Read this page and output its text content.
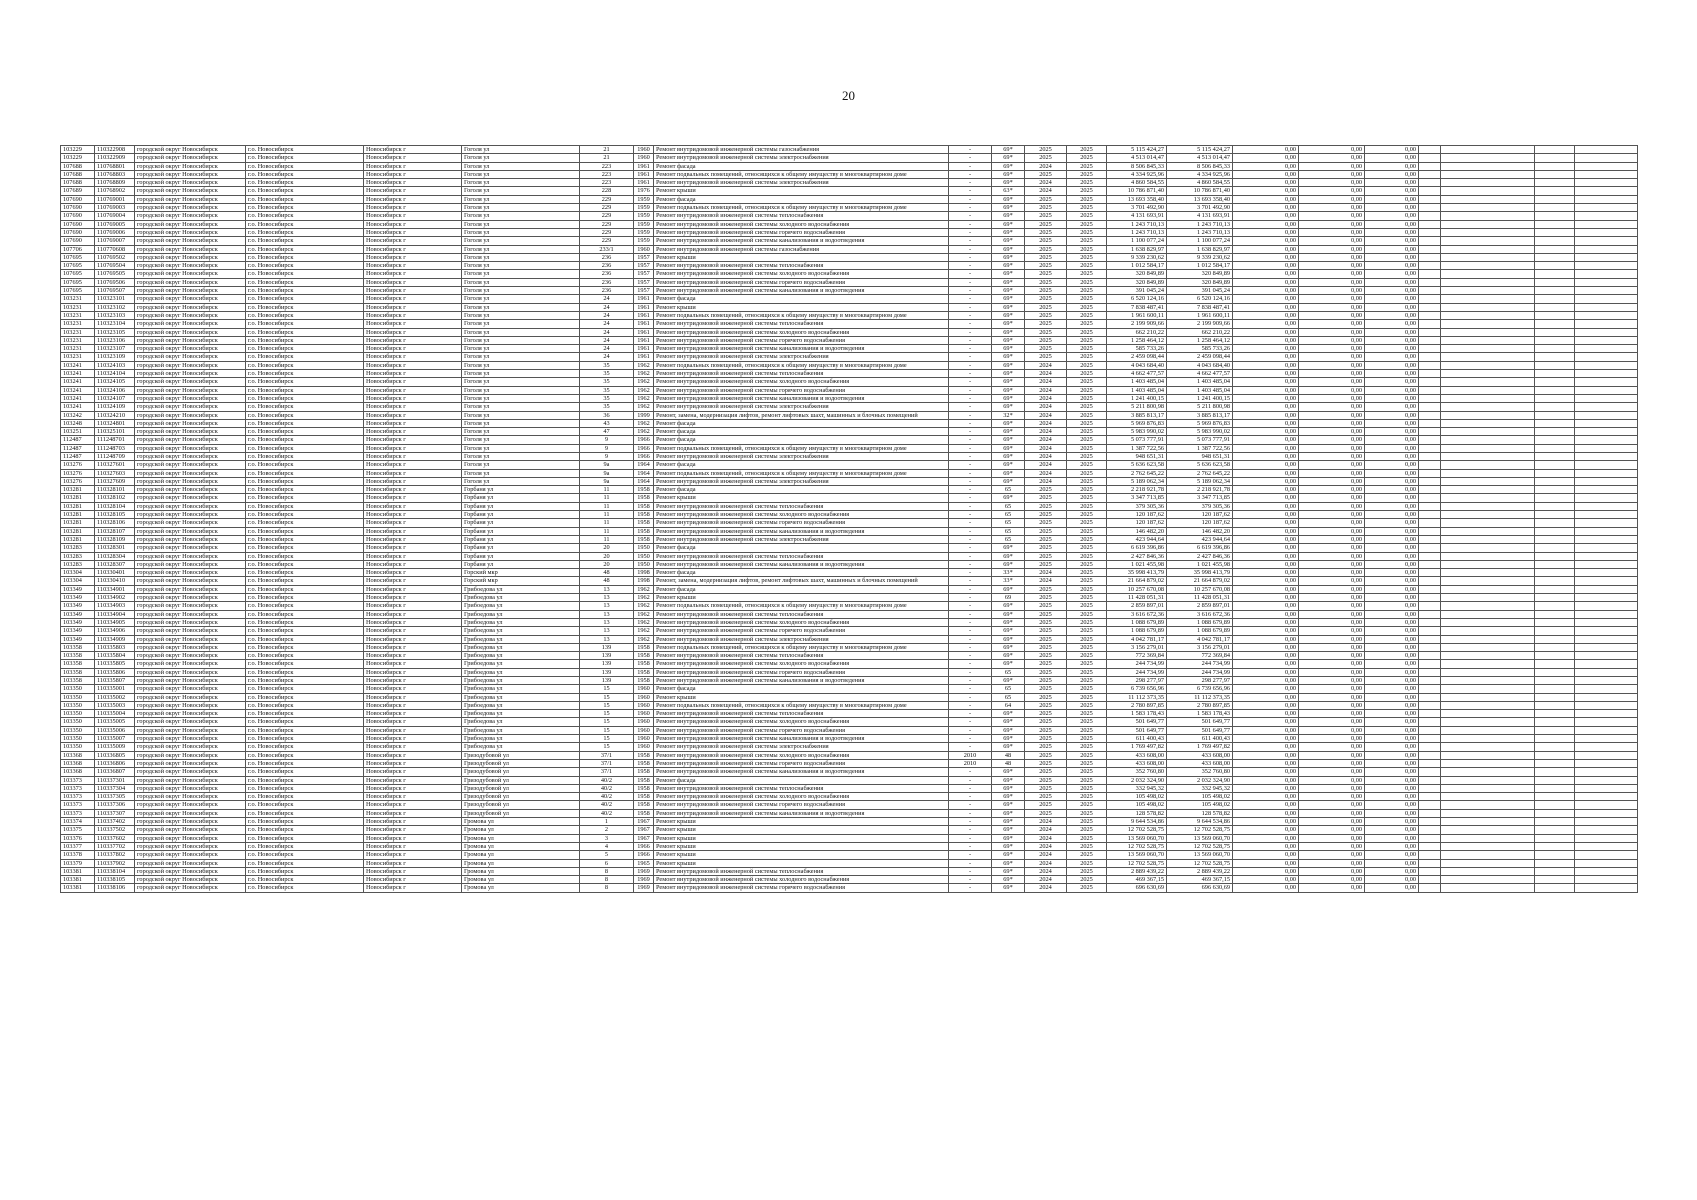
20
103229	110322908	городской округ Новосибирск	г.о. Новосибирск	Новосибирск г	Гоголя ул	21	1960	Ремонт внутридомовой инженерной системы газоснабжения	-	69*	2025	2025	5 115 424,27	5 115 424,27	0,00	0,00	0,00				
103229	110322909	городской округ Новосибирск	г.о. Новосибирск	Новосибирск г	Гоголя ул	21	1960	Ремонт внутридомовой инженерной системы электроснабжения	-	69*	2025	2025	4 513 014,47	4 513 014,47	0,00	0,00	0,00				
107688	110768801	городской округ Новосибирск	г.о. Новосибирск	Новосибирск г	Гоголя ул	223	1961	Ремонт фасада	-	69*	2024	2025	8 506 845,33	8 506 845,33	0,00	0,00	0,00				
107688	110768803	городской округ Новосибирск	г.о. Новосибирск	Новосибирск г	Гоголя ул	223	1961	Ремонт подвальных помещений, относящихся к общему имуществу в многоквартирном доме	-	69*	2025	2025	4 334 925,96	4 334 925,96	0,00	0,00	0,00				
107688	110768809	городской округ Новосибирск	г.о. Новосибирск	Новосибирск г	Гоголя ул	223	1961	Ремонт внутридомовой инженерной системы электроснабжения	-	69*	2024	2025	4 860 584,55	4 860 584,55	0,00	0,00	0,00				
107689	110768902	городской округ Новосибирск	г.о. Новосибирск	Новосибирск г	Гоголя ул	228	1976	Ремонт крыши	-	63*	2024	2025	10 786 871,40	10 786 871,40	0,00	0,00	0,00				
107690	110769001	городской округ Новосибирск	г.о. Новосибирск	Новосибирск г	Гоголя ул	229	1959	Ремонт фасада	-	69*	2025	2025	13 693 358,40	13 693 358,40	0,00	0,00	0,00				
107690	110769003	городской округ Новосибирск	г.о. Новосибирск	Новосибирск г	Гоголя ул	229	1959	Ремонт подвальных помещений, относящихся к общему имуществу в многоквартирном доме	-	69*	2025	2025	3 701 492,90	3 701 492,90	0,00	0,00	0,00				
107690	110769004	городской округ Новосибирск	г.о. Новосибирск	Новосибирск г	Гоголя ул	229	1959	Ремонт внутридомовой инженерной системы теплоснабжения	-	69*	2025	2025	4 131 693,91	4 131 693,91	0,00	0,00	0,00				
107690	110769005	городской округ Новосибирск	г.о. Новосибирск	Новосибирск г	Гоголя ул	229	1959	Ремонт внутридомовой инженерной системы холодного водоснабжения	-	69*	2025	2025	1 243 710,13	1 243 710,13	0,00	0,00	0,00				
107690	110769006	городской округ Новосибирск	г.о. Новосибирск	Новосибирск г	Гоголя ул	229	1959	Ремонт внутридомовой инженерной системы горячего водоснабжения	-	69*	2025	2025	1 243 710,13	1 243 710,13	0,00	0,00	0,00				
107690	110769007	городской округ Новосибирск	г.о. Новосибирск	Новосибирск г	Гоголя ул	229	1959	Ремонт внутридомовой инженерной системы канализования и водоотведения	-	69*	2025	2025	1 100 077,24	1 100 077,24	0,00	0,00	0,00				
107706	110770608	городской округ Новосибирск	г.о. Новосибирск	Новосибирск г	Гоголя ул	233/1	1960	Ремонт внутридомовой инженерной системы газоснабжения	-	69*	2025	2025	1 638 829,97	1 638 829,97	0,00	0,00	0,00				
107695	110769502	городской округ Новосибирск	г.о. Новосибирск	Новосибирск г	Гоголя ул	236	1957	Ремонт крыши	-	69*	2025	2025	9 339 230,62	9 339 230,62	0,00	0,00	0,00				
107695	110769504	городской округ Новосибирск	г.о. Новосибирск	Новосибирск г	Гоголя ул	236	1957	Ремонт внутридомовой инженерной системы теплоснабжения	-	69*	2025	2025	1 012 584,17	1 012 584,17	0,00	0,00	0,00				
107695	110769505	городской округ Новосибирск	г.о. Новосибирск	Новосибирск г	Гоголя ул	236	1957	Ремонт внутридомовой инженерной системы холодного водоснабжения	-	69*	2025	2025	320 849,89	320 849,89	0,00	0,00	0,00				
107695	110769506	городской округ Новосибирск	г.о. Новосибирск	Новосибирск г	Гоголя ул	236	1957	Ремонт внутридомовой инженерной системы горячего водоснабжения	-	69*	2025	2025	320 849,89	320 849,89	0,00	0,00	0,00				
107695	110769507	городской округ Новосибирск	г.о. Новосибирск	Новосибирск г	Гоголя ул	236	1957	Ремонт внутридомовой инженерной системы канализования и водоотведения	-	69*	2025	2025	391 045,24	391 045,24	0,00	0,00	0,00				
103231	110323101	городской округ Новосибирск	г.о. Новосибирск	Новосибирск г	Гоголя ул	24	1961	Ремонт фасада	-	69*	2025	2025	6 520 124,16	6 520 124,16	0,00	0,00	0,00				
103231	110323102	городской округ Новосибирск	г.о. Новосибирск	Новосибирск г	Гоголя ул	24	1961	Ремонт крыши	-	69*	2025	2025	7 838 487,41	7 838 487,41	0,00	0,00	0,00				
103231	110323103	городской округ Новосибирск	г.о. Новосибирск	Новосибирск г	Гоголя ул	24	1961	Ремонт подвальных помещений, относящихся к общему имуществу в многоквартирном доме	-	69*	2025	2025	1 961 600,11	1 961 600,11	0,00	0,00	0,00				
103231	110323104	городской округ Новосибирск	г.о. Новосибирск	Новосибирск г	Гоголя ул	24	1961	Ремонт внутридомовой инженерной системы теплоснабжения	-	69*	2025	2025	2 199 909,66	2 199 909,66	0,00	0,00	0,00				
103231	110323105	городской округ Новосибирск	г.о. Новосибирск	Новосибирск г	Гоголя ул	24	1961	Ремонт внутридомовой инженерной системы холодного водоснабжения	-	69*	2025	2025	662 210,22	662 210,22	0,00	0,00	0,00				
103231	110323106	городской округ Новосибирск	г.о. Новосибирск	Новосибирск г	Гоголя ул	24	1961	Ремонт внутридомовой инженерной системы горячего водоснабжения	-	69*	2025	2025	1 258 464,12	1 258 464,12	0,00	0,00	0,00				
103231	110323107	городской округ Новосибирск	г.о. Новосибирск	Новосибирск г	Гоголя ул	24	1961	Ремонт внутридомовой инженерной системы канализования и водоотведения	-	69*	2025	2025	585 733,26	585 733,26	0,00	0,00	0,00				
103231	110323109	городской округ Новосибирск	г.о. Новосибирск	Новосибирск г	Гоголя ул	24	1961	Ремонт внутридомовой инженерной системы электроснабжения	-	69*	2025	2025	2 459 098,44	2 459 098,44	0,00	0,00	0,00				
103241	110324103	городской округ Новосибирск	г.о. Новосибирск	Новосибирск г	Гоголя ул	35	1962	Ремонт подвальных помещений, относящихся к общему имуществу в многоквартирном доме	-	69*	2024	2025	4 043 684,40	4 043 684,40	0,00	0,00	0,00				
103241	110324104	городской округ Новосибирск	г.о. Новосибирск	Новосибирск г	Гоголя ул	35	1962	Ремонт внутридомовой инженерной системы теплоснабжения	-	69*	2024	2025	4 662 477,57	4 662 477,57	0,00	0,00	0,00				
103241	110324105	городской округ Новосибирск	г.о. Новосибирск	Новосибирск г	Гоголя ул	35	1962	Ремонт внутридомовой инженерной системы холодного водоснабжения	-	69*	2024	2025	1 403 485,04	1 403 485,04	0,00	0,00	0,00				
103241	110324106	городской округ Новосибирск	г.о. Новосибирск	Новосибирск г	Гоголя ул	35	1962	Ремонт внутридомовой инженерной системы горячего водоснабжения	-	69*	2024	2025	1 403 485,04	1 403 485,04	0,00	0,00	0,00				
103241	110324107	городской округ Новосибирск	г.о. Новосибирск	Новосибирск г	Гоголя ул	35	1962	Ремонт внутридомовой инженерной системы канализования и водоотведения	-	69*	2024	2025	1 241 400,15	1 241 400,15	0,00	0,00	0,00				
103241	110324109	городской округ Новосибирск	г.о. Новосибирск	Новосибирск г	Гоголя ул	35	1962	Ремонт внутридомовой инженерной системы электроснабжения	-	69*	2024	2025	5 211 800,98	5 211 800,98	0,00	0,00	0,00				
103242	110324210	городской округ Новосибирск	г.о. Новосибирск	Новосибирск г	Гоголя ул	36	1999	Ремонт, замена, модернизация лифтов, ремонт лифтовых шахт, машинных и блочных помещений	-	32*	2024	2025	3 885 813,17	3 885 813,17	0,00	0,00	0,00				
103248	110324801	городской округ Новосибирск	г.о. Новосибирск	Новосибирск г	Гоголя ул	43	1962	Ремонт фасада	-	69*	2024	2025	5 969 876,83	5 969 876,83	0,00	0,00	0,00				
103251	110325101	городской округ Новосибирск	г.о. Новосибирск	Новосибирск г	Гоголя ул	47	1962	Ремонт фасада	-	69*	2024	2025	5 983 990,02	5 983 990,02	0,00	0,00	0,00				
112487	111248701	городской округ Новосибирск	г.о. Новосибирск	Новосибирск г	Гоголя ул	9	1966	Ремонт фасада	-	69*	2024	2025	5 073 777,91	5 073 777,91	0,00	0,00	0,00				
112487	111248703	городской округ Новосибирск	г.о. Новосибирск	Новосибирск г	Гоголя ул	9	1966	Ремонт подвальных помещений, относящихся к общему имуществу в многоквартирном доме	-	69*	2024	2025	1 387 722,56	1 387 722,56	0,00	0,00	0,00				
112487	111248709	городской округ Новосибирск	г.о. Новосибирск	Новосибирск г	Гоголя ул	9	1966	Ремонт внутридомовой инженерной системы электроснабжения	-	69*	2024	2025	948 651,31	948 651,31	0,00	0,00	0,00				
103276	110327601	городской округ Новосибирск	г.о. Новосибирск	Новосибирск г	Гоголя ул	9а	1964	Ремонт фасада	-	69*	2024	2025	5 636 623,58	5 636 623,58	0,00	0,00	0,00				
103276	110327603	городской округ Новосибирск	г.о. Новосибирск	Новосибирск г	Гоголя ул	9а	1964	Ремонт подвальных помещений, относящихся к общему имуществу в многоквартирном доме	-	69*	2024	2025	2 762 645,22	2 762 645,22	0,00	0,00	0,00				
103276	110327609	городской округ Новосибирск	г.о. Новосибирск	Новосибирск г	Гоголя ул	9а	1964	Ремонт внутридомовой инженерной системы электроснабжения	-	69*	2024	2025	5 189 062,34	5 189 062,34	0,00	0,00	0,00				
103281	110328101	городской округ Новосибирск	г.о. Новосибирск	Новосибирск г	Горбаня ул	11	1958	Ремонт фасада	-	65	2025	2025	2 218 921,78	2 218 921,78	0,00	0,00	0,00				
103281	110328102	городской округ Новосибирск	г.о. Новосибирск	Новосибирск г	Горбаня ул	11	1958	Ремонт крыши	-	69*	2025	2025	3 347 713,85	3 347 713,85	0,00	0,00	0,00				
103281	110328104	городской округ Новосибирск	г.о. Новосибирск	Новосибирск г	Горбаня ул	11	1958	Ремонт внутридомовой инженерной системы теплоснабжения	-	65	2025	2025	379 305,36	379 305,36	0,00	0,00	0,00				
103281	110328105	городской округ Новосибирск	г.о. Новосибирск	Новосибирск г	Горбаня ул	11	1958	Ремонт внутридомовой инженерной системы холодного водоснабжения	-	65	2025	2025	120 187,62	120 187,62	0,00	0,00	0,00				
103281	110328106	городской округ Новосибирск	г.о. Новосибирск	Новосибирск г	Горбаня ул	11	1958	Ремонт внутридомовой инженерной системы горячего водоснабжения	-	65	2025	2025	120 187,62	120 187,62	0,00	0,00	0,00				
103281	110328107	городской округ Новосибирск	г.о. Новосибирск	Новосибирск г	Горбаня ул	11	1958	Ремонт внутридомовой инженерной системы канализования и водоотведения	-	65	2025	2025	146 482,20	146 482,20	0,00	0,00	0,00				
103281	110328109	городской округ Новосибирск	г.о. Новосибирск	Новосибирск г	Горбаня ул	11	1958	Ремонт внутридомовой инженерной системы электроснабжения	-	65	2025	2025	423 944,64	423 944,64	0,00	0,00	0,00				
103283	110328301	городской округ Новосибирск	г.о. Новосибирск	Новосибирск г	Горбаня ул	20	1950	Ремонт фасада	-	69*	2025	2025	6 619 396,86	6 619 396,86	0,00	0,00	0,00				
103283	110328304	городской округ Новосибирск	г.о. Новосибирск	Новосибирск г	Горбаня ул	20	1950	Ремонт внутридомовой инженерной системы теплоснабжения	-	69*	2025	2025	2 427 846,36	2 427 846,36	0,00	0,00	0,00				
103283	110328307	городской округ Новосибирск	г.о. Новосибирск	Новосибирск г	Горбаня ул	20	1950	Ремонт внутридомовой инженерной системы канализования и водоотведения	-	69*	2025	2025	1 021 455,98	1 021 455,98	0,00	0,00	0,00				
103304	110330401	городской округ Новосибирск	г.о. Новосибирск	Новосибирск г	Горский мкр	48	1998	Ремонт фасада	-	33*	2024	2025	35 998 413,79	35 998 413,79	0,00	0,00	0,00				
103304	110330410	городской округ Новосибирск	г.о. Новосибирск	Новосибирск г	Горский мкр	48	1998	Ремонт, замена, модернизация лифтов, ремонт лифтовых шахт, машинных и блочных помещений	-	33*	2024	2025	21 664 879,02	21 664 879,02	0,00	0,00	0,00				
103349	110334901	городской округ Новосибирск	г.о. Новосибирск	Новосибирск г	Грибоедова ул	13	1962	Ремонт фасада	-	69*	2025	2025	10 257 670,08	10 257 670,08	0,00	0,00	0,00				
103349	110334902	городской округ Новосибирск	г.о. Новосибирск	Новосибирск г	Грибоедова ул	13	1962	Ремонт крыши	-	69	2025	2025	11 428 051,31	11 428 051,31	0,00	0,00	0,00				
103349	110334903	городской округ Новосибирск	г.о. Новосибирск	Новосибирск г	Грибоедова ул	13	1962	Ремонт подвальных помещений, относящихся к общему имуществу в многоквартирном доме	-	69*	2025	2025	2 859 897,01	2 859 897,01	0,00	0,00	0,00				
103349	110334904	городской округ Новосибирск	г.о. Новосибирск	Новосибирск г	Грибоедова ул	13	1962	Ремонт внутридомовой инженерной системы теплоснабжения	-	69*	2025	2025	3 616 672,36	3 616 672,36	0,00	0,00	0,00				
103349	110334905	городской округ Новосибирск	г.о. Новосибирск	Новосибирск г	Грибоедова ул	13	1962	Ремонт внутридомовой инженерной системы холодного водоснабжения	-	69*	2025	2025	1 088 679,89	1 088 679,89	0,00	0,00	0,00				
103349	110334906	городской округ Новосибирск	г.о. Новосибирск	Новосибирск г	Грибоедова ул	13	1962	Ремонт внутридомовой инженерной системы горячего водоснабжения	-	69*	2025	2025	1 088 679,89	1 088 679,89	0,00	0,00	0,00				
103349	110334909	городской округ Новосибирск	г.о. Новосибирск	Новосибирск г	Грибоедова ул	13	1962	Ремонт внутридомовой инженерной системы электроснабжения	-	69*	2025	2025	4 042 781,17	4 042 781,17	0,00	0,00	0,00				
103358	110335803	городской округ Новосибирск	г.о. Новосибирск	Новосибирск г	Грибоедова ул	139	1958	Ремонт подвальных помещений, относящихся к общему имуществу в многоквартирном доме	-	69*	2025	2025	3 156 279,01	3 156 279,01	0,00	0,00	0,00				
103358	110335804	городской округ Новосибирск	г.о. Новосибирск	Новосибирск г	Грибоедова ул	139	1958	Ремонт внутридомовой инженерной системы теплоснабжения	-	69*	2025	2025	772 369,84	772 369,84	0,00	0,00	0,00				
103358	110335805	городской округ Новосибирск	г.о. Новосибирск	Новосибирск г	Грибоедова ул	139	1958	Ремонт внутридомовой инженерной системы холодного водоснабжения	-	69*	2025	2025	244 734,99	244 734,99	0,00	0,00	0,00				
103358	110335806	городской округ Новосибирск	г.о. Новосибирск	Новосибирск г	Грибоедова ул	139	1958	Ремонт внутридомовой инженерной системы горячего водоснабжения	-	65	2025	2025	244 734,99	244 734,99	0,00	0,00	0,00				
103358	110335807	городской округ Новосибирск	г.о. Новосибирск	Новосибирск г	Грибоедова ул	139	1958	Ремонт внутридомовой инженерной системы канализования и водоотведения	-	69*	2025	2025	298 277,97	298 277,97	0,00	0,00	0,00				
103350	110335001	городской округ Новосибирск	г.о. Новосибирск	Новосибирск г	Грибоедова ул	15	1960	Ремонт фасада	-	65	2025	2025	6 739 656,96	6 739 656,96	0,00	0,00	0,00				
103350	110335002	городской округ Новосибирск	г.о. Новосибирск	Новосибирск г	Грибоедова ул	15	1960	Ремонт крыши	-	65	2025	2025	11 112 373,35	11 112 373,35	0,00	0,00	0,00				
103350	110335003	городской округ Новосибирск	г.о. Новосибирск	Новосибирск г	Грибоедова ул	15	1960	Ремонт подвальных помещений, относящихся к общему имуществу в многоквартирном доме	-	64	2025	2025	2 780 897,85	2 780 897,85	0,00	0,00	0,00				
103350	110335004	городской округ Новосибирск	г.о. Новосибирск	Новосибирск г	Грибоедова ул	15	1960	Ремонт внутридомовой инженерной системы теплоснабжения	-	69*	2025	2025	1 583 178,43	1 583 178,43	0,00	0,00	0,00				
103350	110335005	городской округ Новосибирск	г.о. Новосибирск	Новосибирск г	Грибоедова ул	15	1960	Ремонт внутридомовой инженерной системы холодного водоснабжения	-	69*	2025	2025	501 649,77	501 649,77	0,00	0,00	0,00				
103350	110335006	городской округ Новосибирск	г.о. Новосибирск	Новосибирск г	Грибоедова ул	15	1960	Ремонт внутридомовой инженерной системы горячего водоснабжения	-	69*	2025	2025	501 649,77	501 649,77	0,00	0,00	0,00				
103350	110335007	городской округ Новосибирск	г.о. Новосибирск	Новосибирск г	Грибоедова ул	15	1960	Ремонт внутридомовой инженерной системы канализования и водоотведения	-	69*	2025	2025	611 400,43	611 400,43	0,00	0,00	0,00				
103350	110335009	городской округ Новосибирск	г.о. Новосибирск	Новосибирск г	Грибоедова ул	15	1960	Ремонт внутридомовой инженерной системы электроснабжения	-	69*	2025	2025	1 769 497,82	1 769 497,82	0,00	0,00	0,00				
103368	110336805	городской округ Новосибирск	г.о. Новосибирск	Новосибирск г	Гризодубовой ул	37/1	1958	Ремонт внутридомовой инженерной системы холодного водоснабжения	2010	48	2025	2025	433 608,00	433 608,00	0,00	0,00	0,00				
103368	110336806	городской округ Новосибирск	г.о. Новосибирск	Новосибирск г	Гризодубовой ул	37/1	1958	Ремонт внутридомовой инженерной системы горячего водоснабжения	2010	48	2025	2025	433 608,00	433 608,00	0,00	0,00	0,00				
103368	110336807	городской округ Новосибирск	г.о. Новосибирск	Новосибирск г	Гризодубовой ул	37/1	1958	Ремонт внутридомовой инженерной системы канализования и водоотведения	-	69*	2025	2025	352 760,80	352 760,80	0,00	0,00	0,00				
103373	110337301	городской округ Новосибирск	г.о. Новосибирск	Новосибирск г	Гризодубовой ул	40/2	1958	Ремонт фасада	-	69*	2025	2025	2 032 324,90	2 032 324,90	0,00	0,00	0,00				
103373	110337304	городской округ Новосибирск	г.о. Новосибирск	Новосибирск г	Гризодубовой ул	40/2	1958	Ремонт внутридомовой инженерной системы теплоснабжения	-	69*	2025	2025	332 945,32	332 945,32	0,00	0,00	0,00				
103373	110337305	городской округ Новосибирск	г.о. Новосибирск	Новосибирск г	Гризодубовой ул	40/2	1958	Ремонт внутридомовой инженерной системы холодного водоснабжения	-	69*	2025	2025	105 498,02	105 498,02	0,00	0,00	0,00				
103373	110337306	городской округ Новосибирск	г.о. Новосибирск	Новосибирск г	Гризодубовой ул	40/2	1958	Ремонт внутридомовой инженерной системы горячего водоснабжения	-	69*	2025	2025	105 498,02	105 498,02	0,00	0,00	0,00				
103373	110337307	городской округ Новосибирск	г.о. Новосибирск	Новосибирск г	Гризодубовой ул	40/2	1958	Ремонт внутридомовой инженерной системы канализования и водоотведения	-	69*	2025	2025	128 578,82	128 578,82	0,00	0,00	0,00				
103374	110337402	городской округ Новосибирск	г.о. Новосибирск	Новосибирск г	Громова ул	1	1967	Ремонт крыши	-	69*	2024	2025	9 644 534,86	9 644 534,86	0,00	0,00	0,00				
103375	110337502	городской округ Новосибирск	г.о. Новосибирск	Новосибирск г	Громова ул	2	1967	Ремонт крыши	-	69*	2024	2025	12 702 528,75	12 702 528,75	0,00	0,00	0,00				
103376	110337602	городской округ Новосибирск	г.о. Новосибирск	Новосибирск г	Громова ул	3	1967	Ремонт крыши	-	69*	2024	2025	13 569 060,70	13 569 060,70	0,00	0,00	0,00				
103377	110337702	городской округ Новосибирск	г.о. Новосибирск	Новосибирск г	Громова ул	4	1966	Ремонт крыши	-	69*	2024	2025	12 702 528,75	12 702 528,75	0,00	0,00	0,00				
103378	110337802	городской округ Новосибирск	г.о. Новосибирск	Новосибирск г	Громова ул	5	1966	Ремонт крыши	-	69*	2024	2025	13 569 060,70	13 569 060,70	0,00	0,00	0,00				
103379	110337902	городской округ Новосибирск	г.о. Новосибирск	Новосибирск г	Громова ул	6	1965	Ремонт крыши	-	69*	2024	2025	12 702 528,75	12 702 528,75	0,00	0,00	0,00				
103381	110338104	городской округ Новосибирск	г.о. Новосибирск	Новосибирск г	Громова ул	8	1969	Ремонт внутридомовой инженерной системы теплоснабжения	-	69*	2024	2025	2 889 439,22	2 889 439,22	0,00	0,00	0,00				
103381	110338105	городской округ Новосибирск	г.о. Новосибирск	Новосибирск г	Громова ул	8	1969	Ремонт внутридомовой инженерной системы холодного водоснабжения	-	69*	2024	2025	469 367,15	469 367,15	0,00	0,00	0,00				
103381	110338106	городской округ Новосибирск	г.о. Новосибирск	Новосибирск г	Громова ул	8	1969	Ремонт внутридомовой инженерной системы горячего водоснабжения	-	69*	2024	2025	696 630,69	696 630,69	0,00	0,00	0,00				
